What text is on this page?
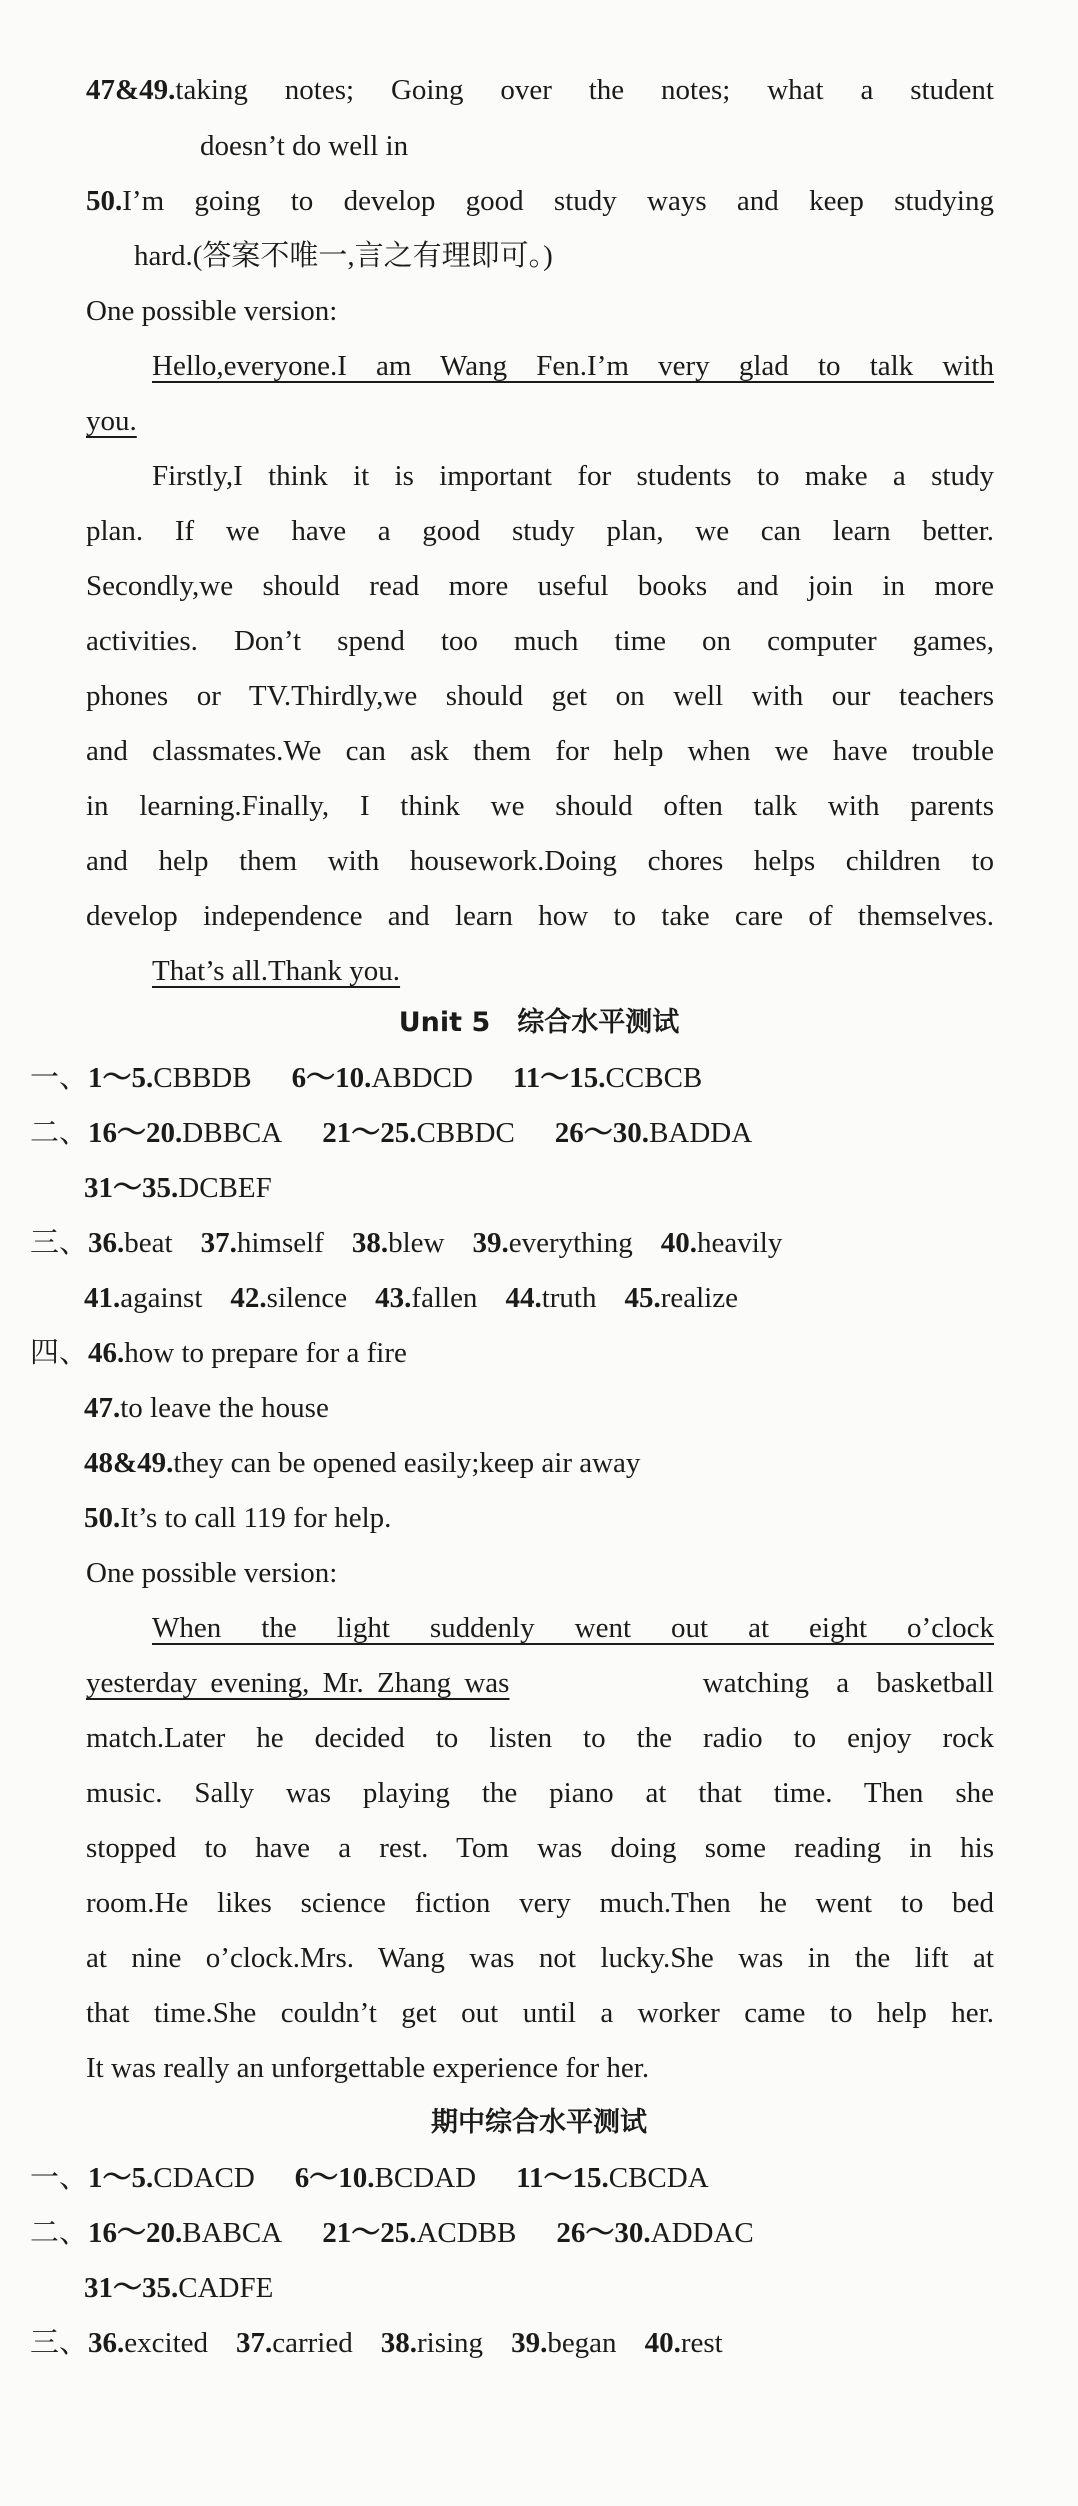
47&49.taking notes; Going over the notes; what a student
doesn’t do well in
50.I’m going to develop good study ways and keep studying
hard.(答案不唯一,言之有理即可。)
One possible version:
Hello,everyone.I am Wang Fen.I’m very glad to talk with
you.
Firstly,I think it is important for students to make a study
plan. If we have a good study plan, we can learn better.
Secondly,we should read more useful books and join in more
activities. Don’t spend too much time on computer games,
phones or TV.Thirdly,we should get on well with our teachers
and classmates.We can ask them for help when we have trouble
in learning.Finally, I think we should often talk with parents
and help them with housework.Doing chores helps children to
develop independence and learn how to take care of themselves.
That’s all.Thank you.
Unit 5　综合水平测试
一、1～5.CBBDB 6～10.ABDCD 11～15.CCBCB
二、16～20.DBBCA 21～25.CBBDC 26～30.BADDA
31～35.DCBEF
三、36.beat 37.himself 38.blew 39.everything 40.heavily
41.against 42.silence 43.fallen 44.truth 45.realize
四、46.how to prepare for a fire
47.to leave the house
48&49.they can be opened easily;keep air away
50.It’s to call 119 for help.
One possible version:
When the light suddenly went out at eight o’clock
yesterday evening, Mr. Zhang was	watching a basketball
match.Later he decided to listen to the radio to enjoy rock
music. Sally was playing the piano at that time. Then she
stopped to have a rest. Tom was doing some reading in his
room.He likes science fiction very much.Then he went to bed
at nine o’clock.Mrs. Wang was not lucky.She was in the lift at
that time.She couldn’t get out until a worker came to help her.
It was really an unforgettable experience for her.
期中综合水平测试
一、1～5.CDACD 6～10.BCDAD 11～15.CBCDA
二、16～20.BABCA 21～25.ACDBB 26～30.ADDAC
31～35.CADFE
三、36.excited 37.carried 38.rising 39.began 40.rest
